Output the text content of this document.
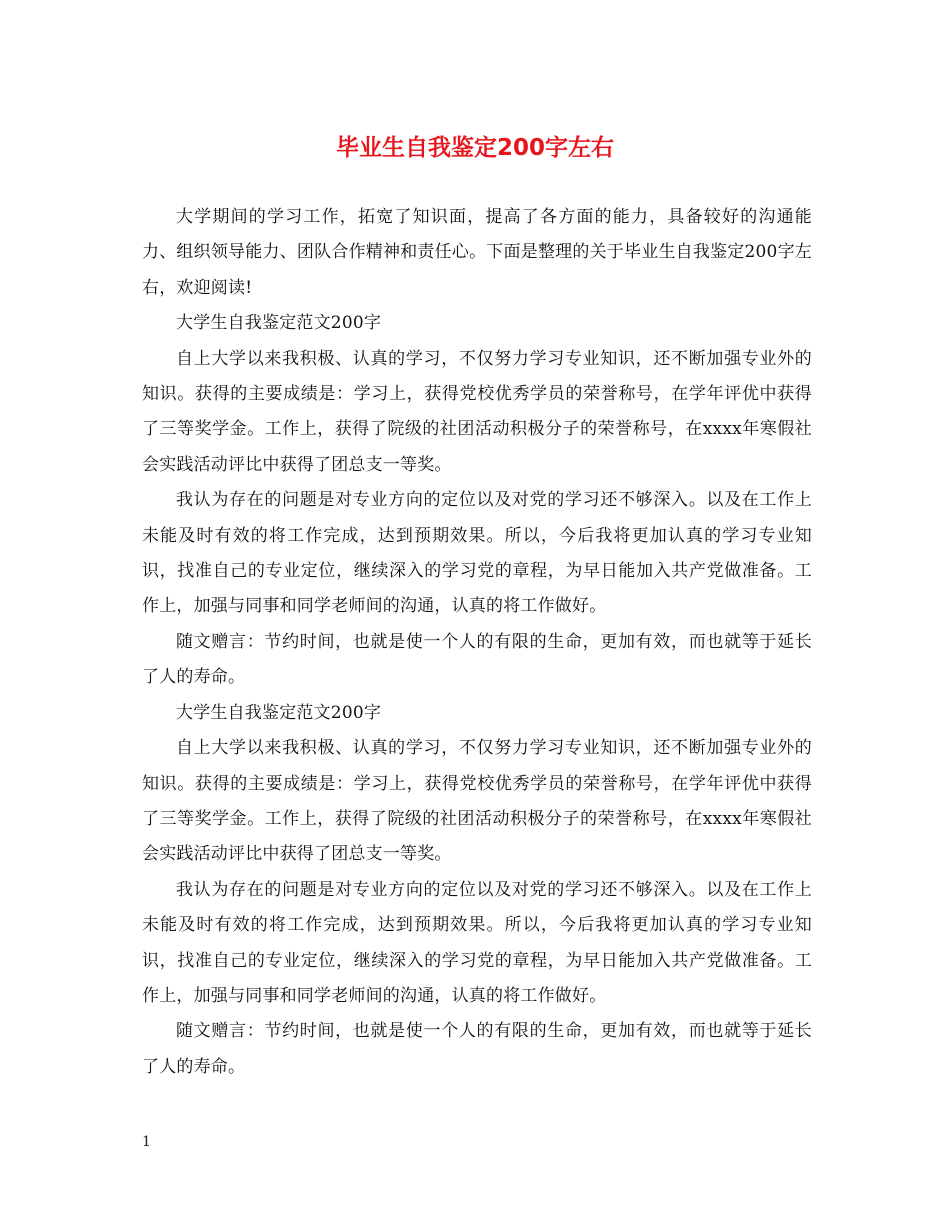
毕业生自我鉴定200字左右

大学期间的学习工作，拓宽了知识面，提高了各方面的能力，具备较好的沟通能力、组织领导能力、团队合作精神和责任心。下面是整理的关于毕业生自我鉴定200字左右，欢迎阅读!

大学生自我鉴定范文200字

自上大学以来我积极、认真的学习，不仅努力学习专业知识，还不断加强专业外的知识。获得的主要成绩是：学习上，获得党校优秀学员的荣誉称号，在学年评优中获得了三等奖学金。工作上，获得了院级的社团活动积极分子的荣誉称号，在xxxx年寒假社会实践活动评比中获得了团总支一等奖。

我认为存在的问题是对专业方向的定位以及对党的学习还不够深入。以及在工作上未能及时有效的将工作完成，达到预期效果。所以，今后我将更加认真的学习专业知识，找准自己的专业定位，继续深入的学习党的章程，为早日能加入共产党做准备。工作上，加强与同事和同学老师间的沟通，认真的将工作做好。

随文赠言：节约时间，也就是使一个人的有限的生命，更加有效，而也就等于延长了人的寿命。

大学生自我鉴定范文200字

自上大学以来我积极、认真的学习，不仅努力学习专业知识，还不断加强专业外的知识。获得的主要成绩是：学习上，获得党校优秀学员的荣誉称号，在学年评优中获得了三等奖学金。工作上，获得了院级的社团活动积极分子的荣誉称号，在xxxx年寒假社会实践活动评比中获得了团总支一等奖。

我认为存在的问题是对专业方向的定位以及对党的学习还不够深入。以及在工作上未能及时有效的将工作完成，达到预期效果。所以，今后我将更加认真的学习专业知识，找准自己的专业定位，继续深入的学习党的章程，为早日能加入共产党做准备。工作上，加强与同事和同学老师间的沟通，认真的将工作做好。

随文赠言：节约时间，也就是使一个人的有限的生命，更加有效，而也就等于延长了人的寿命。

1
